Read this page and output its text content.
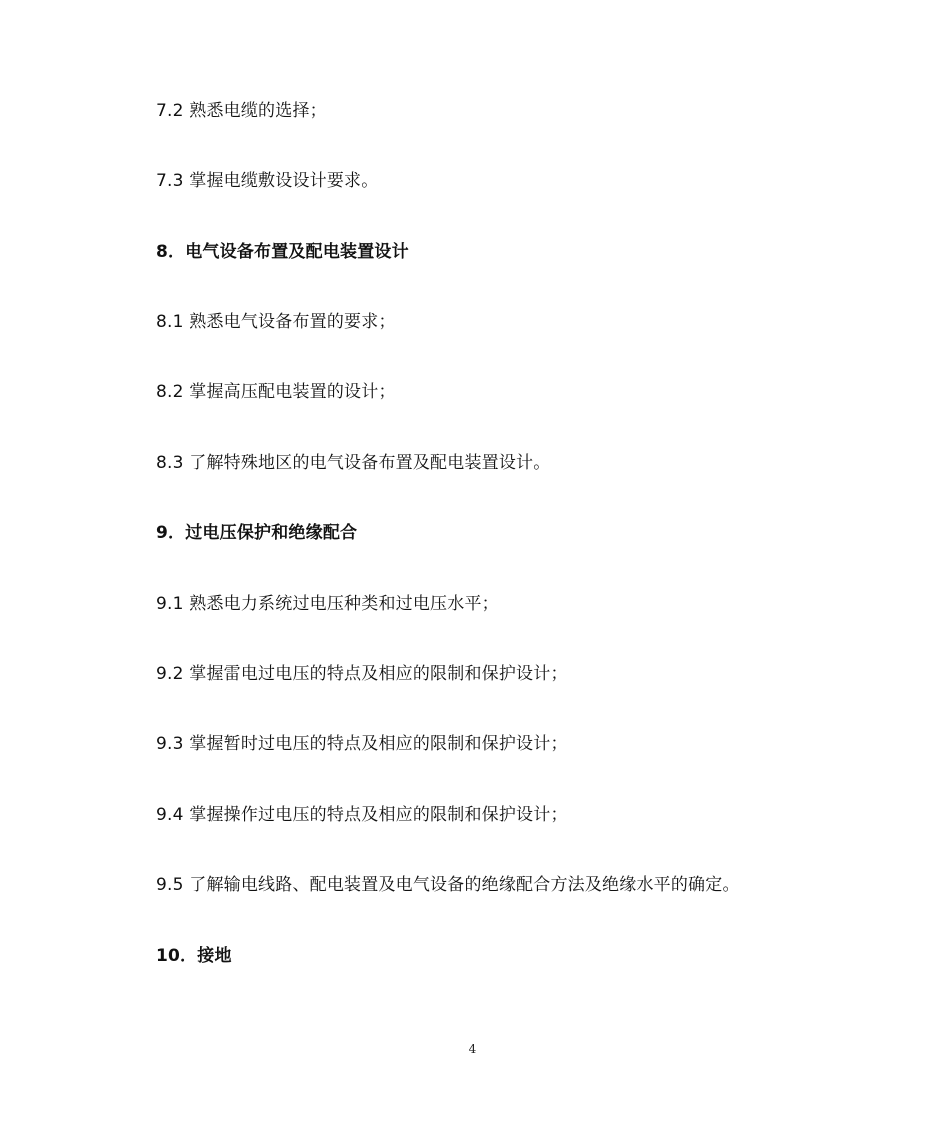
7.2 熟悉电缆的选择；
7.3 掌握电缆敷设设计要求。
8．电气设备布置及配电装置设计
8.1 熟悉电气设备布置的要求；
8.2 掌握高压配电装置的设计；
8.3 了解特殊地区的电气设备布置及配电装置设计。
9．过电压保护和绝缘配合
9.1 熟悉电力系统过电压种类和过电压水平；
9.2 掌握雷电过电压的特点及相应的限制和保护设计；
9.3 掌握暂时过电压的特点及相应的限制和保护设计；
9.4 掌握操作过电压的特点及相应的限制和保护设计；
9.5 了解输电线路、配电装置及电气设备的绝缘配合方法及绝缘水平的确定。
10．接地
4
